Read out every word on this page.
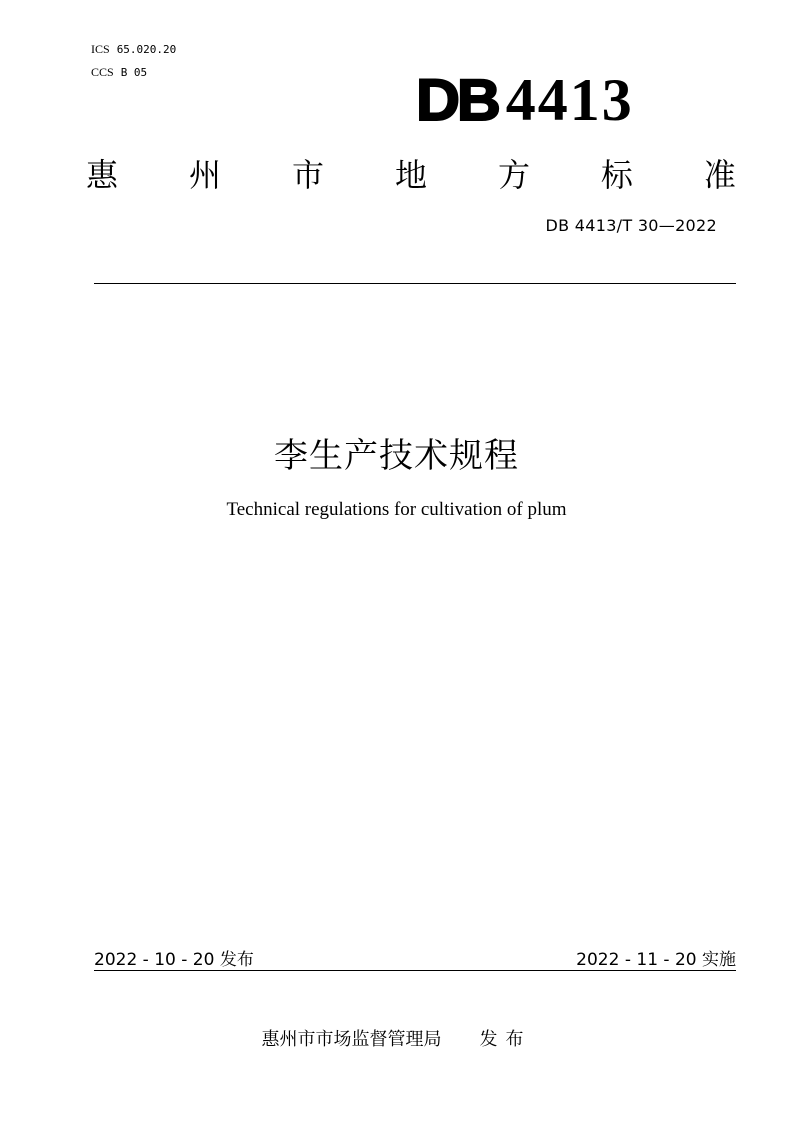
ICS 65.020.20
CCS B 05	DB 4413
惠 州 市 地 方 标 准
DB 4413/T 30—2022
李生产技术规程
Technical regulations for cultivation of plum
2022 - 10 - 20 发布	2022 - 11 - 20 实施
惠州市市场监督管理局 发布
